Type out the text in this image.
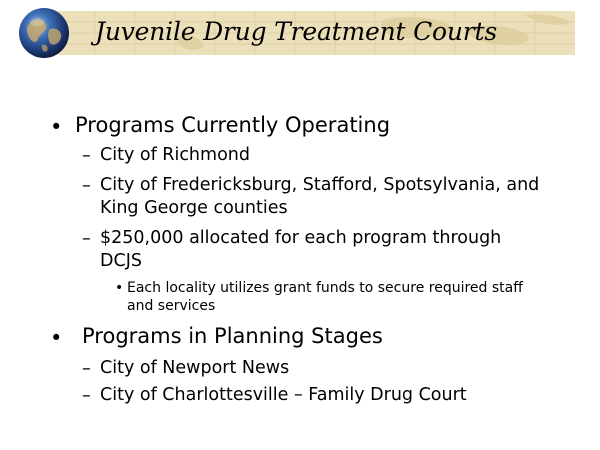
Juvenile Drug Treatment Courts
• Programs Currently Operating
– City of Richmond
– City of Fredericksburg, Stafford, Spotsylvania, and
King George counties
– $250,000 allocated for each program through
DCJS
• Each locality utilizes grant funds to secure required staff
and services
• Programs in Planning Stages
– City of Newport News
– City of Charlottesville – Family Drug Court
